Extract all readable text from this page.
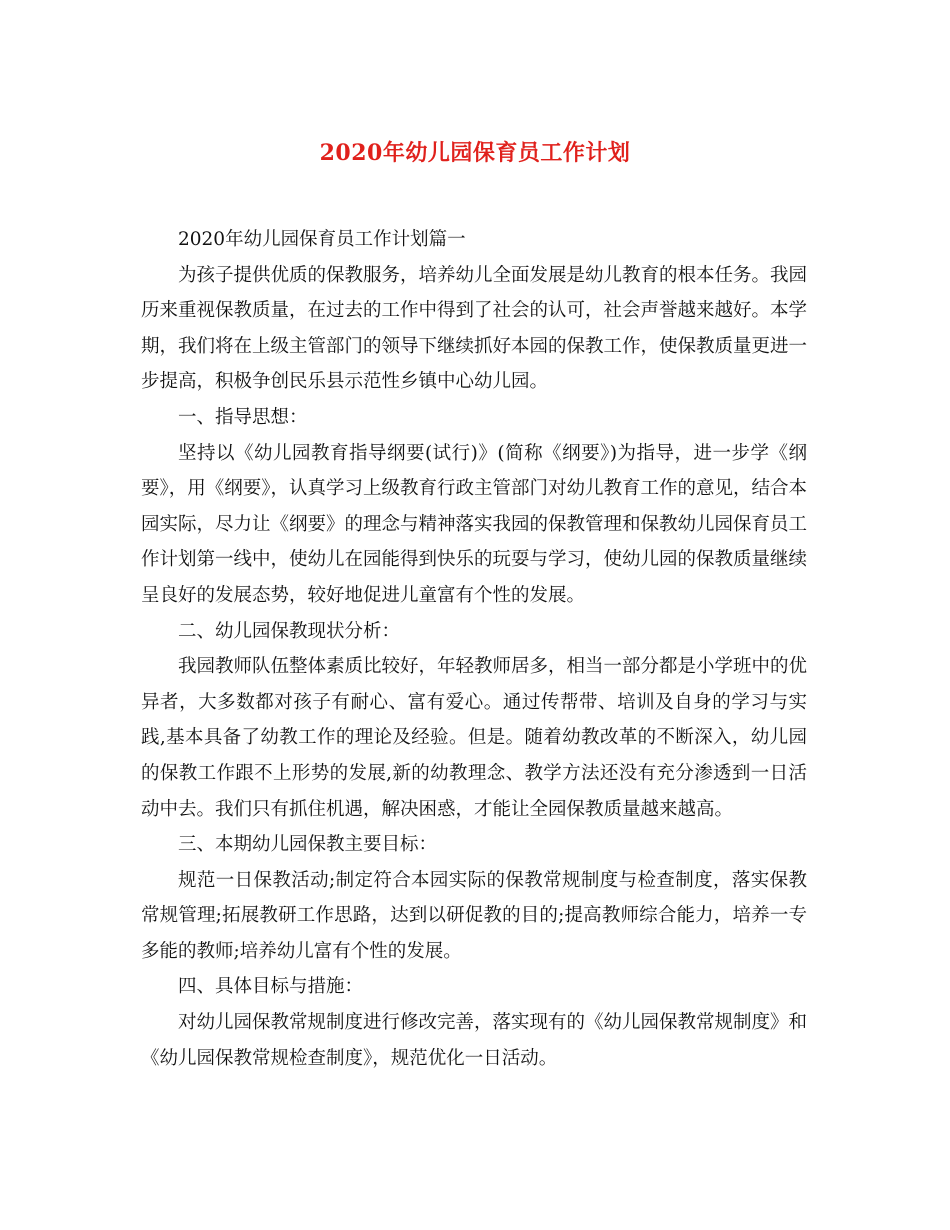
2020年幼儿园保育员工作计划

2020年幼儿园保育员工作计划篇一

为孩子提供优质的保教服务，培养幼儿全面发展是幼儿教育的根本任务。我园历来重视保教质量，在过去的工作中得到了社会的认可，社会声誉越来越好。本学期，我们将在上级主管部门的领导下继续抓好本园的保教工作，使保教质量更进一步提高，积极争创民乐县示范性乡镇中心幼儿园。

一、指导思想：

坚持以《幼儿园教育指导纲要(试行)》(简称《纲要》)为指导，进一步学《纲要》，用《纲要》，认真学习上级教育行政主管部门对幼儿教育工作的意见，结合本园实际，尽力让《纲要》的理念与精神落实我园的保教管理和保教幼儿园保育员工作计划第一线中，使幼儿在园能得到快乐的玩耍与学习，使幼儿园的保教质量继续呈良好的发展态势，较好地促进儿童富有个性的发展。

二、幼儿园保教现状分析：

我园教师队伍整体素质比较好，年轻教师居多，相当一部分都是小学班中的优异者，大多数都对孩子有耐心、富有爱心。通过传帮带、培训及自身的学习与实践,基本具备了幼教工作的理论及经验。但是。随着幼教改革的不断深入，幼儿园的保教工作跟不上形势的发展,新的幼教理念、教学方法还没有充分渗透到一日活动中去。我们只有抓住机遇，解决困惑，才能让全园保教质量越来越高。

三、本期幼儿园保教主要目标：

规范一日保教活动;制定符合本园实际的保教常规制度与检查制度，落实保教常规管理;拓展教研工作思路，达到以研促教的目的;提高教师综合能力，培养一专多能的教师;培养幼儿富有个性的发展。

四、具体目标与措施：

对幼儿园保教常规制度进行修改完善，落实现有的《幼儿园保教常规制度》和《幼儿园保教常规检查制度》，规范优化一日活动。
